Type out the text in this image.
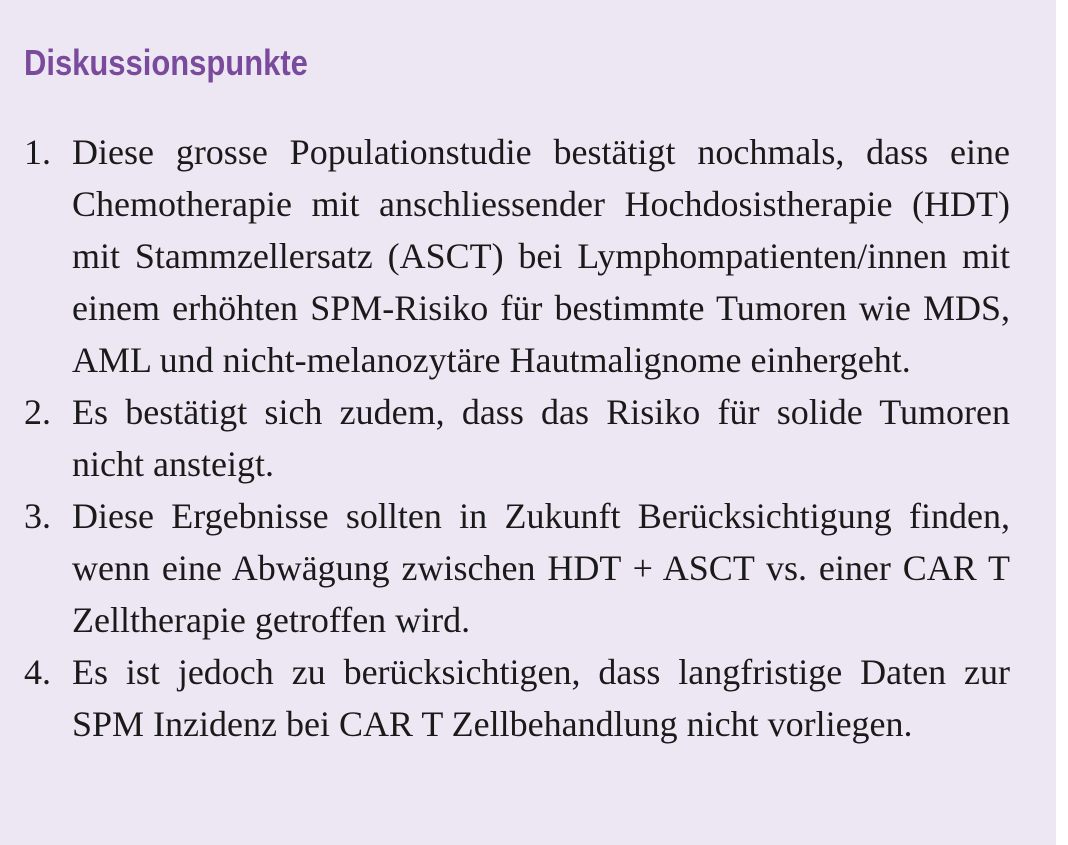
Diskussionspunkte
1. Diese grosse Populationstudie bestätigt nochmals, dass eine Chemotherapie mit anschliessender Hochdosistherapie (HDT) mit Stammzellersatz (ASCT) bei Lymphompatienten/innen mit einem erhöhten SPM-Risiko für bestimmte Tumoren wie MDS, AML und nicht-melanozytäre Hautmalignome einhergeht.
2. Es bestätigt sich zudem, dass das Risiko für solide Tumoren nicht ansteigt.
3. Diese Ergebnisse sollten in Zukunft Berücksichtigung finden, wenn eine Abwägung zwischen HDT + ASCT vs. einer CAR T Zelltherapie getroffen wird.
4. Es ist jedoch zu berücksichtigen, dass langfristige Daten zur SPM Inzidenz bei CAR T Zellbehandlung nicht vorliegen.
